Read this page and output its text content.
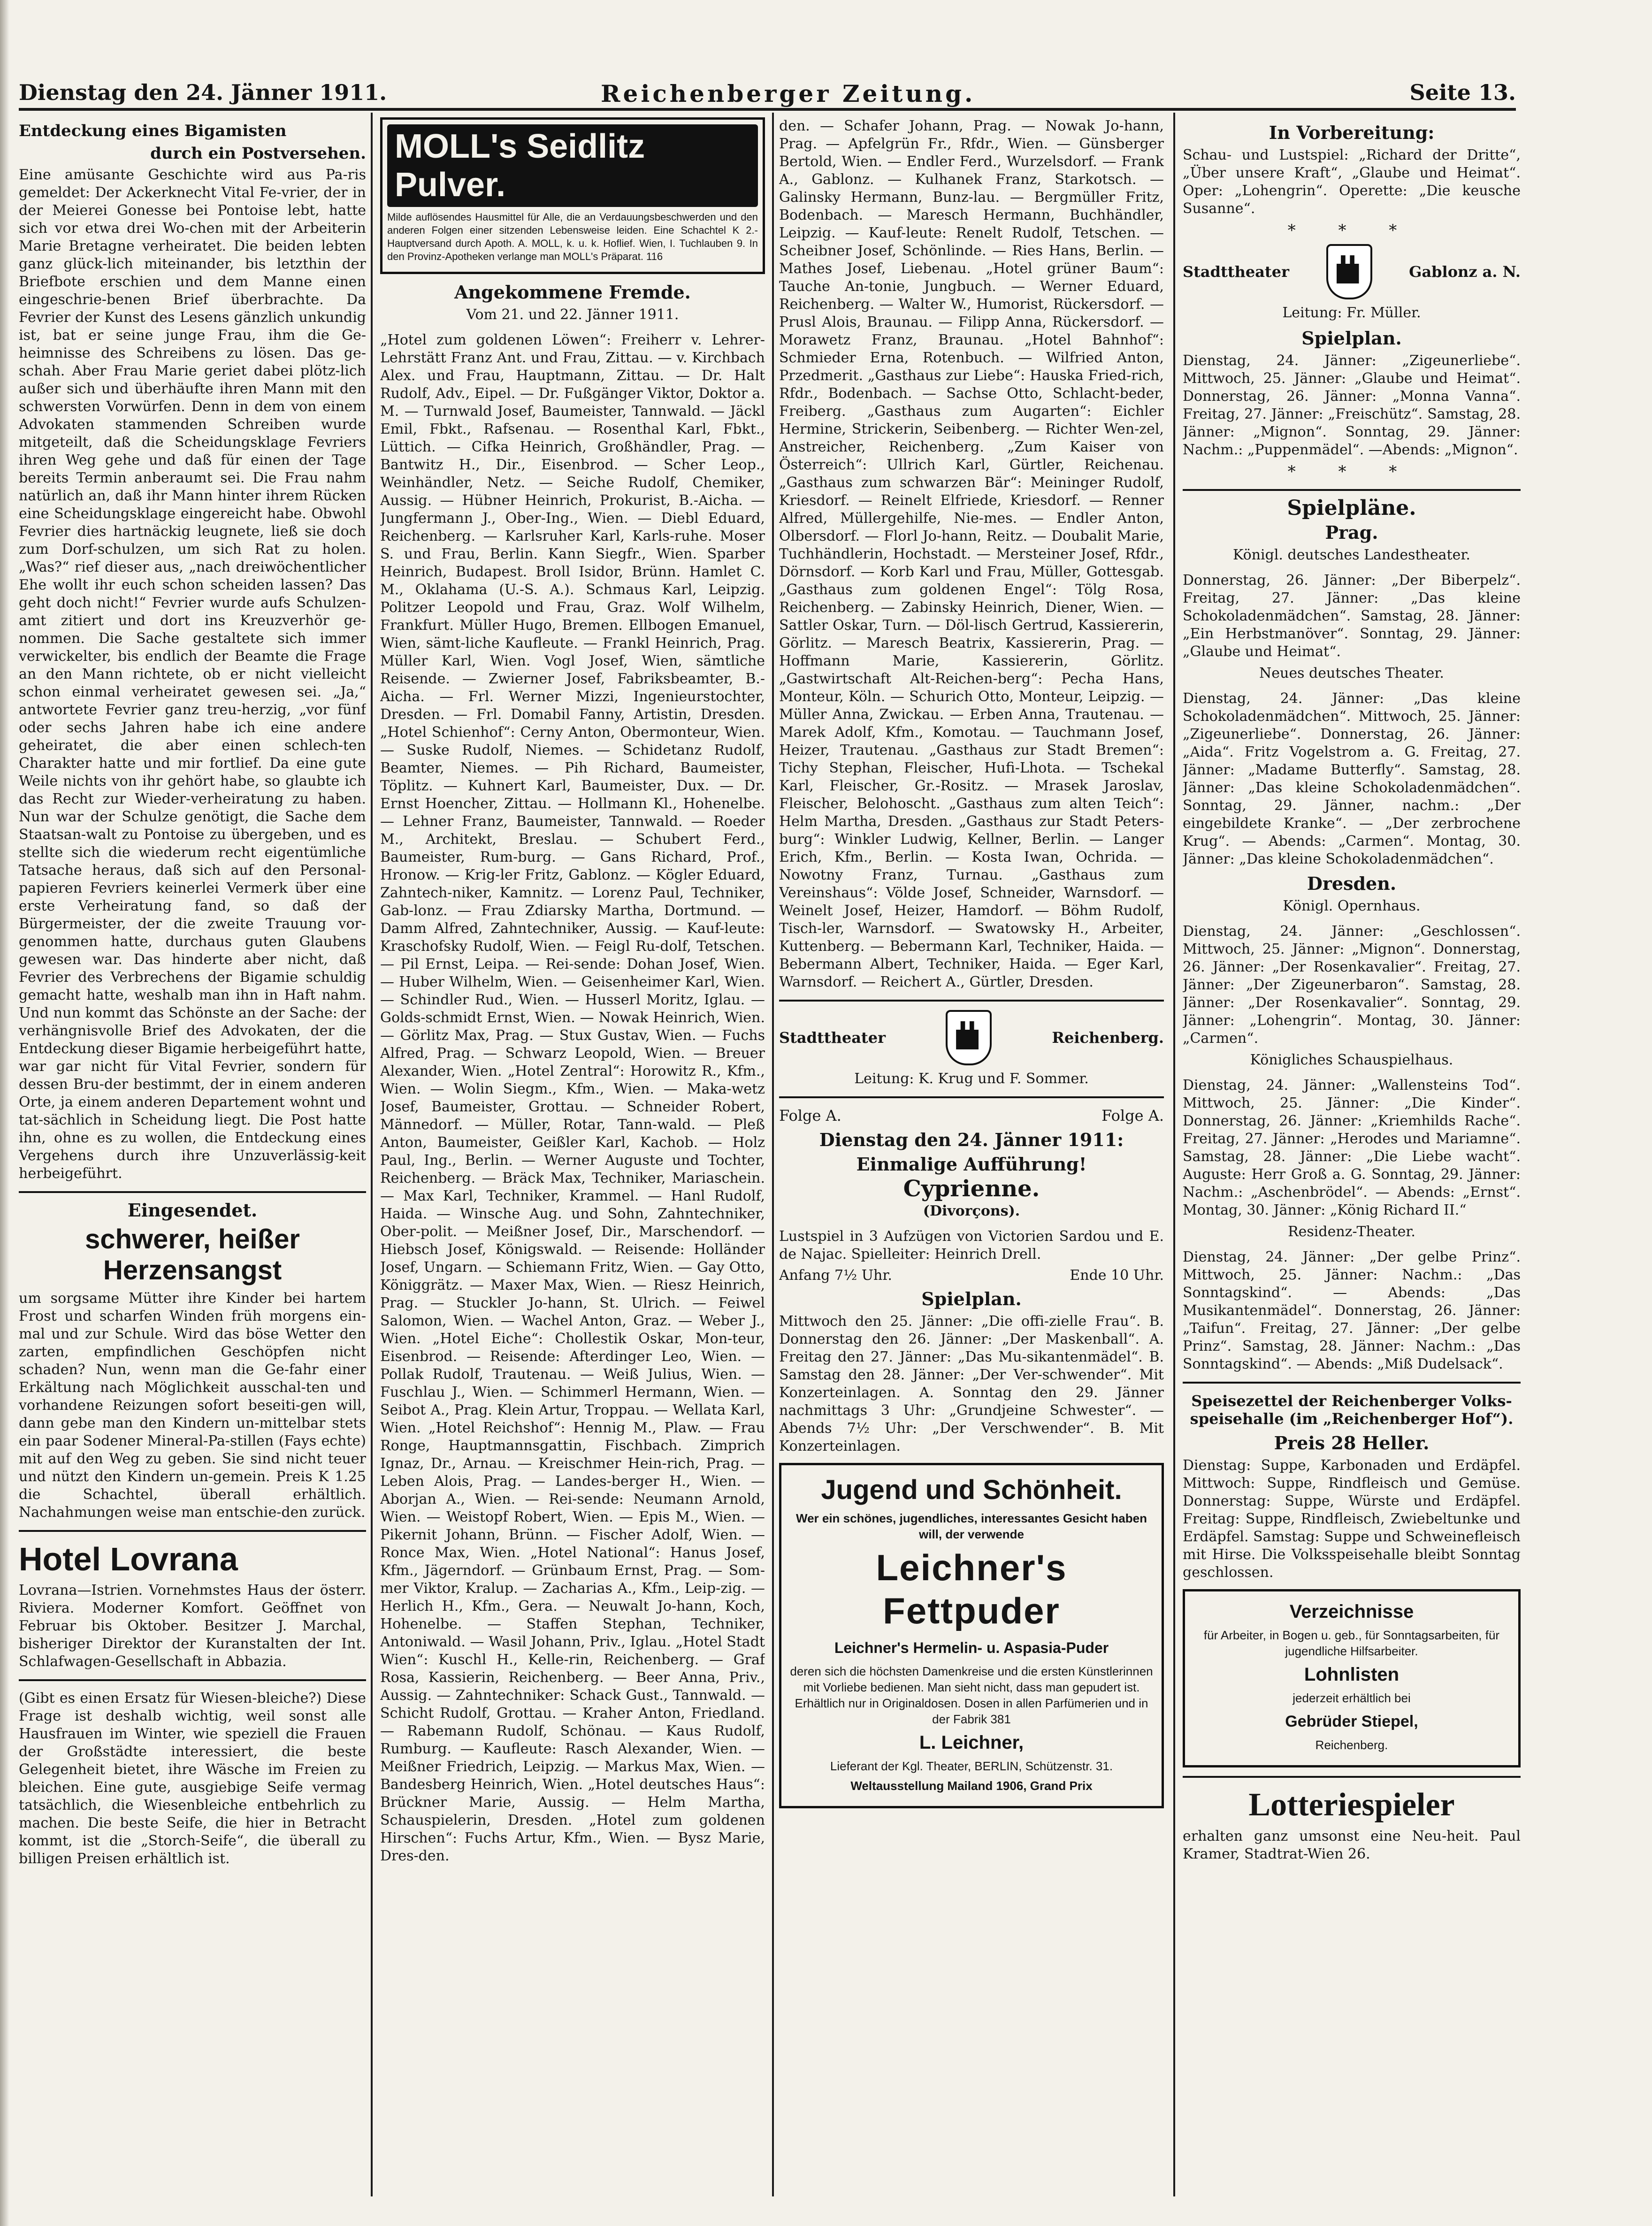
Dienstag den 24. Jänner 1911.	Reichenberger Zeitung.	Seite 13.

Entdeckung eines Bigamisten

durch ein Postversehen.

Eine amüsante Geschichte wird aus Pa-ris gemeldet: Der Ackerknecht Vital Fe-vrier, der in der Meierei Gonesse bei Pontoise lebt, hatte sich vor etwa drei Wo-chen mit der Arbeiterin Marie Bretagne verheiratet. Die beiden lebten ganz glück-lich miteinander, bis letzthin der Briefbote erschien und dem Manne einen eingeschrie-benen Brief überbrachte. Da Fevrier der Kunst des Lesens gänzlich unkundig ist, bat er seine junge Frau, ihm die Ge-heimnisse des Schreibens zu lösen. Das ge-schah. Aber Frau Marie geriet dabei plötz-lich außer sich und überhäufte ihren Mann mit den schwersten Vorwürfen. Denn in dem von einem Advokaten stammenden Schreiben wurde mitgeteilt, daß die Scheidungsklage Fevriers ihren Weg gehe und daß für einen der Tage bereits Termin anberaumt sei. Die Frau nahm natürlich an, daß ihr Mann hinter ihrem Rücken eine Scheidungsklage eingereicht habe. Obwohl Fevrier dies hartnäckig leugnete, ließ sie doch zum Dorf-schulzen, um sich Rat zu holen. „Was?“ rief dieser aus, „nach dreiwöchentlicher Ehe wollt ihr euch schon scheiden lassen? Das geht doch nicht!“ Fevrier wurde aufs Schulzen-amt zitiert und dort ins Kreuzverhör ge-nommen. Die Sache gestaltete sich immer verwickelter, bis endlich der Beamte die Frage an den Mann richtete, ob er nicht vielleicht schon einmal verheiratet gewesen sei. „Ja,“ antwortete Fevrier ganz treu-herzig, „vor fünf oder sechs Jahren habe ich eine andere geheiratet, die aber einen schlech-ten Charakter hatte und mir fortlief. Da eine gute Weile nichts von ihr gehört habe, so glaubte ich das Recht zur Wieder-verheiratung zu haben. Nun war der Schulze genötigt, die Sache dem Staatsan-walt zu Pontoise zu übergeben, und es stellte sich die wiederum recht eigentümliche Tatsache heraus, daß sich auf den Personal-papieren Fevriers keinerlei Vermerk über eine erste Verheiratung fand, so daß der Bürgermeister, der die zweite Trauung vor-genommen hatte, durchaus guten Glaubens gewesen war. Das hinderte aber nicht, daß Fevrier des Verbrechens der Bigamie schuldig gemacht hatte, weshalb man ihn in Haft nahm. Und nun kommt das Schönste an der Sache: der verhängnisvolle Brief des Advokaten, der die Entdeckung dieser Bigamie herbeigeführt hatte, war gar nicht für Vital Fevrier, sondern für dessen Bru-der bestimmt, der in einem anderen Orte, ja einem anderen Departement wohnt und tat-sächlich in Scheidung liegt. Die Post hatte ihn, ohne es zu wollen, die Entdeckung eines Vergehens durch ihre Unzuverlässig-keit herbeigeführt.

Eingesendet.

schwerer, heißer Herzensangst

um sorgsame Mütter ihre Kinder bei hartem Frost und scharfen Winden früh morgens ein-mal und zur Schule. Wird das böse Wetter den zarten, empfindlichen Geschöpfen nicht schaden? Nun, wenn man die Ge-fahr einer Erkältung nach Möglichkeit ausschal-ten und vorhandene Reizungen sofort beseiti-gen will, dann gebe man den Kindern un-mittelbar stets ein paar Sodener Mineral-Pa-stillen (Fays echte) mit auf den Weg zu geben. Sie sind nicht teuer und nützt den Kindern un-gemein. Preis K 1.25 die Schachtel, überall erhältlich. Nachahmungen weise man entschie-den zurück.

Hotel Lovrana

Lovrana—Istrien. Vornehmstes Haus der österr. Riviera. Moderner Komfort. Geöffnet von Februar bis Oktober. Besitzer J. Marchal, bisheriger Direktor der Kuranstalten der Int. Schlafwagen-Gesellschaft in Abbazia.

(Gibt es einen Ersatz für Wiesen-bleiche?) Diese Frage ist deshalb wichtig, weil sonst alle Hausfrauen im Winter, wie speziell die Frauen der Großstädte interessiert, die beste Gelegenheit bietet, ihre Wäsche im Freien zu bleichen. Eine gute, ausgiebige Seife vermag tatsächlich, die Wiesenbleiche entbehrlich zu machen. Die beste Seife, die hier in Betracht kommt, ist die „Storch-Seife“, die überall zu billigen Preisen erhältlich ist.

MOLL's Seidlitz Pulver.

Milde auflösendes Hausmittel für Alle, die an Verdauungsbeschwerden und den anderen Folgen einer sitzenden Lebensweise leiden. Eine Schachtel K 2.- Hauptversand durch Apoth. A. MOLL, k. u. k. Hoflief. Wien, I. Tuchlauben 9. In den Provinz-Apotheken verlange man MOLL's Präparat. 116

Angekommene Fremde.

Vom 21. und 22. Jänner 1911.

„Hotel zum goldenen Löwen“: Freiherr v. Lehrer-Lehrstätt Franz Ant. und Frau, Zittau. — v. Kirchbach Alex. und Frau, Hauptmann, Zittau. — Dr. Halt Rudolf, Adv., Eipel. — Dr. Fußgänger Viktor, Doktor a. M. — Turnwald Josef, Baumeister, Tannwald. — Jäckl Emil, Fbkt., Rafsenau. — Rosenthal Karl, Fbkt., Lüttich. — Cifka Heinrich, Großhändler, Prag. — Bantwitz H., Dir., Eisenbrod. — Scher Leop., Weinhändler, Netz. — Seiche Rudolf, Chemiker, Aussig. — Hübner Heinrich, Prokurist, B.-Aicha. — Jungfermann J., Ober-Ing., Wien. — Diebl Eduard, Reichenberg. — Karlsruher Karl, Karls-ruhe. Moser S. und Frau, Berlin. Kann Siegfr., Wien. Sparber Heinrich, Budapest. Broll Isidor, Brünn. Hamlet C. M., Oklahama (U.-S. A.). Schmaus Karl, Leipzig. Politzer Leopold und Frau, Graz. Wolf Wilhelm, Frankfurt. Müller Hugo, Bremen. Ellbogen Emanuel, Wien, sämt-liche Kaufleute. — Frankl Heinrich, Prag. Müller Karl, Wien. Vogl Josef, Wien, sämtliche Reisende. — Zwierner Josef, Fabriksbeamter, B.-Aicha. — Frl. Werner Mizzi, Ingenieurstochter, Dresden. — Frl. Domabil Fanny, Artistin, Dresden. „Hotel Schienhof“: Cerny Anton, Obermonteur, Wien. — Suske Rudolf, Niemes. — Schidetanz Rudolf, Beamter, Niemes. — Pih Richard, Baumeister, Töplitz. — Kuhnert Karl, Baumeister, Dux. — Dr. Ernst Hoencher, Zittau. — Hollmann Kl., Hohenelbe. — Lehner Franz, Baumeister, Tannwald. — Roeder M., Architekt, Breslau. — Schubert Ferd., Baumeister, Rum-burg. — Gans Richard, Prof., Hronow. — Krig-ler Fritz, Gablonz. — Kögler Eduard, Zahntech-niker, Kamnitz. — Lorenz Paul, Techniker, Gab-lonz. — Frau Zdiarsky Martha, Dortmund. — Damm Alfred, Zahntechniker, Aussig. — Kauf-leute: Kraschofsky Rudolf, Wien. — Feigl Ru-dolf, Tetschen. — Pil Ernst, Leipa. — Rei-sende: Dohan Josef, Wien. — Huber Wilhelm, Wien. — Geisenheimer Karl, Wien. — Schindler Rud., Wien. — Husserl Moritz, Iglau. — Golds-schmidt Ernst, Wien. — Nowak Heinrich, Wien. — Görlitz Max, Prag. — Stux Gustav, Wien. — Fuchs Alfred, Prag. — Schwarz Leopold, Wien. — Breuer Alexander, Wien. „Hotel Zentral“: Horowitz R., Kfm., Wien. — Wolin Siegm., Kfm., Wien. — Maka-wetz Josef, Baumeister, Grottau. — Schneider Robert, Männedorf. — Müller, Rotar, Tann-wald. — Pleß Anton, Baumeister, Geißler Karl, Kachob. — Holz Paul, Ing., Berlin. — Werner Auguste und Tochter, Reichenberg. — Bräck Max, Techniker, Mariaschein. — Max Karl, Techniker, Krammel. — Hanl Rudolf, Haida. — Winsche Aug. und Sohn, Zahntechniker, Ober-polit. — Meißner Josef, Dir., Marschendorf. — Hiebsch Josef, Königswald. — Reisende: Holländer Josef, Ungarn. — Schiemann Fritz, Wien. — Gay Otto, Königgrätz. — Maxer Max, Wien. — Riesz Heinrich, Prag. — Stuckler Jo-hann, St. Ulrich. — Feiwel Salomon, Wien. — Wachel Anton, Graz. — Weber J., Wien. „Hotel Eiche“: Chollestik Oskar, Mon-teur, Eisenbrod. — Reisende: Afterdinger Leo, Wien. — Pollak Rudolf, Trautenau. — Weiß Julius, Wien. — Fuschlau J., Wien. — Schimmerl Hermann, Wien. — Seibot A., Prag. Klein Artur, Troppau. — Wellata Karl, Wien. „Hotel Reichshof“: Hennig M., Plaw. — Frau Ronge, Hauptmannsgattin, Fischbach. Zimprich Ignaz, Dr., Arnau. — Kreischmer Hein-rich, Prag. — Leben Alois, Prag. — Landes-berger H., Wien. — Aborjan A., Wien. — Rei-sende: Neumann Arnold, Wien. — Weistopf Robert, Wien. — Epis M., Wien. — Pikernit Johann, Brünn. — Fischer Adolf, Wien. — Ronce Max, Wien. „Hotel National“: Hanus Josef, Kfm., Jägerndorf. — Grünbaum Ernst, Prag. — Som-mer Viktor, Kralup. — Zacharias A., Kfm., Leip-zig. — Herlich H., Kfm., Gera. — Neuwalt Jo-hann, Koch, Hohenelbe. — Staffen Stephan, Techniker, Antoniwald. — Wasil Johann, Priv., Iglau. „Hotel Stadt Wien“: Kuschl H., Kelle-rin, Reichenberg. — Graf Rosa, Kassierin, Reichenberg. — Beer Anna, Priv., Aussig. — Zahntechniker: Schack Gust., Tannwald. — Schicht Rudolf, Grottau. — Kraher Anton, Friedland. — Rabemann Rudolf, Schönau. — Kaus Rudolf, Rumburg. — Kaufleute: Rasch Alexander, Wien. — Meißner Friedrich, Leipzig. — Markus Max, Wien. — Bandesberg Heinrich, Wien. „Hotel deutsches Haus“: Brückner Marie, Aussig. — Helm Martha, Schauspielerin, Dresden. „Hotel zum goldenen Hirschen“: Fuchs Artur, Kfm., Wien. — Bysz Marie, Dres-den.

den. — Schafer Johann, Prag. — Nowak Jo-hann, Prag. — Apfelgrün Fr., Rfdr., Wien. — Günsberger Bertold, Wien. — Endler Ferd., Wurzelsdorf. — Frank A., Gablonz. — Kulhanek Franz, Starkotsch. — Galinsky Hermann, Bunz-lau. — Bergmüller Fritz, Bodenbach. — Maresch Hermann, Buchhändler, Leipzig. — Kauf-leute: Renelt Rudolf, Tetschen. — Scheibner Josef, Schönlinde. — Ries Hans, Berlin. — Mathes Josef, Liebenau. „Hotel grüner Baum“: Tauche An-tonie, Jungbuch. — Werner Eduard, Reichenberg. — Walter W., Humorist, Rückersdorf. — Prusl Alois, Braunau. — Filipp Anna, Rückersdorf. — Morawetz Franz, Braunau. „Hotel Bahnhof“: Schmieder Erna, Rotenbuch. — Wilfried Anton, Przedmerit. „Gasthaus zur Liebe“: Hauska Fried-rich, Rfdr., Bodenbach. — Sachse Otto, Schlacht-beder, Freiberg. „Gasthaus zum Augarten“: Eichler Hermine, Strickerin, Seibenberg. — Richter Wen-zel, Anstreicher, Reichenberg. „Zum Kaiser von Österreich“: Ullrich Karl, Gürtler, Reichenau. „Gasthaus zum schwarzen Bär“: Meininger Rudolf, Kriesdorf. — Reinelt Elfriede, Kriesdorf. — Renner Alfred, Müllergehilfe, Nie-mes. — Endler Anton, Olbersdorf. — Florl Jo-hann, Reitz. — Doubalit Marie, Tuchhändlerin, Hochstadt. — Mersteiner Josef, Rfdr., Dörnsdorf. — Korb Karl und Frau, Müller, Gottesgab. „Gasthaus zum goldenen Engel“: Tölg Rosa, Reichenberg. — Zabinsky Heinrich, Diener, Wien. — Sattler Oskar, Turn. — Döl-lisch Gertrud, Kassiererin, Görlitz. — Maresch Beatrix, Kassiererin, Prag. — Hoffmann Marie, Kassiererin, Görlitz. „Gastwirtschaft Alt-Reichen-berg“: Pecha Hans, Monteur, Köln. — Schurich Otto, Monteur, Leipzig. — Müller Anna, Zwickau. — Erben Anna, Trautenau. — Marek Adolf, Kfm., Komotau. — Tauchmann Josef, Heizer, Trautenau. „Gasthaus zur Stadt Bremen“: Tichy Stephan, Fleischer, Hufi-Lhota. — Tschekal Karl, Fleischer, Gr.-Rositz. — Mrasek Jaroslav, Fleischer, Belohoscht. „Gasthaus zum alten Teich“: Helm Martha, Dresden. „Gasthaus zur Stadt Peters-burg“: Winkler Ludwig, Kellner, Berlin. — Langer Erich, Kfm., Berlin. — Kosta Iwan, Ochrida. — Nowotny Franz, Turnau. „Gasthaus zum Vereinshaus“: Völde Josef, Schneider, Warnsdorf. — Weinelt Josef, Heizer, Hamdorf. — Böhm Rudolf, Tisch-ler, Warnsdorf. — Swatowsky H., Arbeiter, Kuttenberg. — Bebermann Karl, Techniker, Haida. — Bebermann Albert, Techniker, Haida. — Eger Karl, Warnsdorf. — Reichert A., Gürtler, Dresden.

Stadttheater	Reichenberg.

Leitung: K. Krug und F. Sommer.

Folge A.	Folge A.

Dienstag den 24. Jänner 1911:

Einmalige Aufführung!

Cyprienne.

(Divorçons).

Lustspiel in 3 Aufzügen von Victorien Sardou und E. de Najac. Spielleiter: Heinrich Drell.

Anfang 7½ Uhr.	Ende 10 Uhr.

Spielplan.

Mittwoch den 25. Jänner: „Die offi-zielle Frau“. B. Donnerstag den 26. Jänner: „Der Maskenball“. A. Freitag den 27. Jänner: „Das Mu-sikantenmädel“. B. Samstag den 28. Jänner: „Der Ver-schwender“. Mit Konzerteinlagen. A. Sonntag den 29. Jänner nachmittags 3 Uhr: „Grundjeine Schwester“. — Abends 7½ Uhr: „Der Verschwender“. B. Mit Konzerteinlagen.

Jugend und Schönheit.

Wer ein schönes, jugendliches, interessantes Gesicht haben will, der verwende

Leichner's Fettpuder

Leichner's Hermelin- u. Aspasia-Puder

deren sich die höchsten Damenkreise und die ersten Künstlerinnen mit Vorliebe bedienen. Man sieht nicht, dass man gepudert ist. Erhältlich nur in Originaldosen. Dosen in allen Parfümerien und in der Fabrik 381

L. Leichner,

Lieferant der Kgl. Theater, BERLIN, Schützenstr. 31.

Weltausstellung Mailand 1906, Grand Prix

In Vorbereitung:

Schau- und Lustspiel: „Richard der Dritte“, „Über unsere Kraft“, „Glaube und Heimat“. Oper: „Lohengrin“. Operette: „Die keusche Susanne“.

* * *

Stadttheater	Gablonz a. N.

Leitung: Fr. Müller.

Spielplan.

Dienstag, 24. Jänner: „Zigeunerliebe“. Mittwoch, 25. Jänner: „Glaube und Heimat“. Donnerstag, 26. Jänner: „Monna Vanna“. Freitag, 27. Jänner: „Freischütz“. Samstag, 28. Jänner: „Mignon“. Sonntag, 29. Jänner: Nachm.: „Puppenmädel“. —Abends: „Mignon“.

* * *

Spielpläne.

Prag.

Königl. deutsches Landestheater.

Donnerstag, 26. Jänner: „Der Biberpelz“. Freitag, 27. Jänner: „Das kleine Schokoladenmädchen“. Samstag, 28. Jänner: „Ein Herbstmanöver“. Sonntag, 29. Jänner: „Glaube und Heimat“.

Neues deutsches Theater.

Dienstag, 24. Jänner: „Das kleine Schokoladenmädchen“. Mittwoch, 25. Jänner: „Zigeunerliebe“. Donnerstag, 26. Jänner: „Aida“. Fritz Vogelstrom a. G. Freitag, 27. Jänner: „Madame Butterfly“. Samstag, 28. Jänner: „Das kleine Schokoladenmädchen“. Sonntag, 29. Jänner, nachm.: „Der eingebildete Kranke“. — „Der zerbrochene Krug“. — Abends: „Carmen“. Montag, 30. Jänner: „Das kleine Schokoladenmädchen“.

Dresden.

Königl. Opernhaus.

Dienstag, 24. Jänner: „Geschlossen“. Mittwoch, 25. Jänner: „Mignon“. Donnerstag, 26. Jänner: „Der Rosenkavalier“. Freitag, 27. Jänner: „Der Zigeunerbaron“. Samstag, 28. Jänner: „Der Rosenkavalier“. Sonntag, 29. Jänner: „Lohengrin“. Montag, 30. Jänner: „Carmen“.

Königliches Schauspielhaus.

Dienstag, 24. Jänner: „Wallensteins Tod“. Mittwoch, 25. Jänner: „Die Kinder“. Donnerstag, 26. Jänner: „Kriemhilds Rache“. Freitag, 27. Jänner: „Herodes und Mariamne“. Samstag, 28. Jänner: „Die Liebe wacht“. Auguste: Herr Groß a. G. Sonntag, 29. Jänner: Nachm.: „Aschenbrödel“. — Abends: „Ernst“. Montag, 30. Jänner: „König Richard II.“

Residenz-Theater.

Dienstag, 24. Jänner: „Der gelbe Prinz“. Mittwoch, 25. Jänner: Nachm.: „Das Sonntagskind“. — Abends: „Das Musikantenmädel“. Donnerstag, 26. Jänner: „Taifun“. Freitag, 27. Jänner: „Der gelbe Prinz“. Samstag, 28. Jänner: Nachm.: „Das Sonntagskind“. — Abends: „Miß Dudelsack“.

Speisezettel der Reichenberger Volks-speisehalle (im „Reichenberger Hof“).

Preis 28 Heller.

Dienstag: Suppe, Karbonaden und Erdäpfel. Mittwoch: Suppe, Rindfleisch und Gemüse. Donnerstag: Suppe, Würste und Erdäpfel. Freitag: Suppe, Rindfleisch, Zwiebeltunke und Erdäpfel. Samstag: Suppe und Schweinefleisch mit Hirse. Die Volksspeisehalle bleibt Sonntag geschlossen.

Verzeichnisse

für Arbeiter, in Bogen u. geb., für Sonntagsarbeiten, für jugendliche Hilfsarbeiter.

Lohnlisten

jederzeit erhältlich bei

Gebrüder Stiepel,

Reichenberg.

Lotteriespieler

erhalten ganz umsonst eine Neu-heit. Paul Kramer, Stadtrat-Wien 26.
